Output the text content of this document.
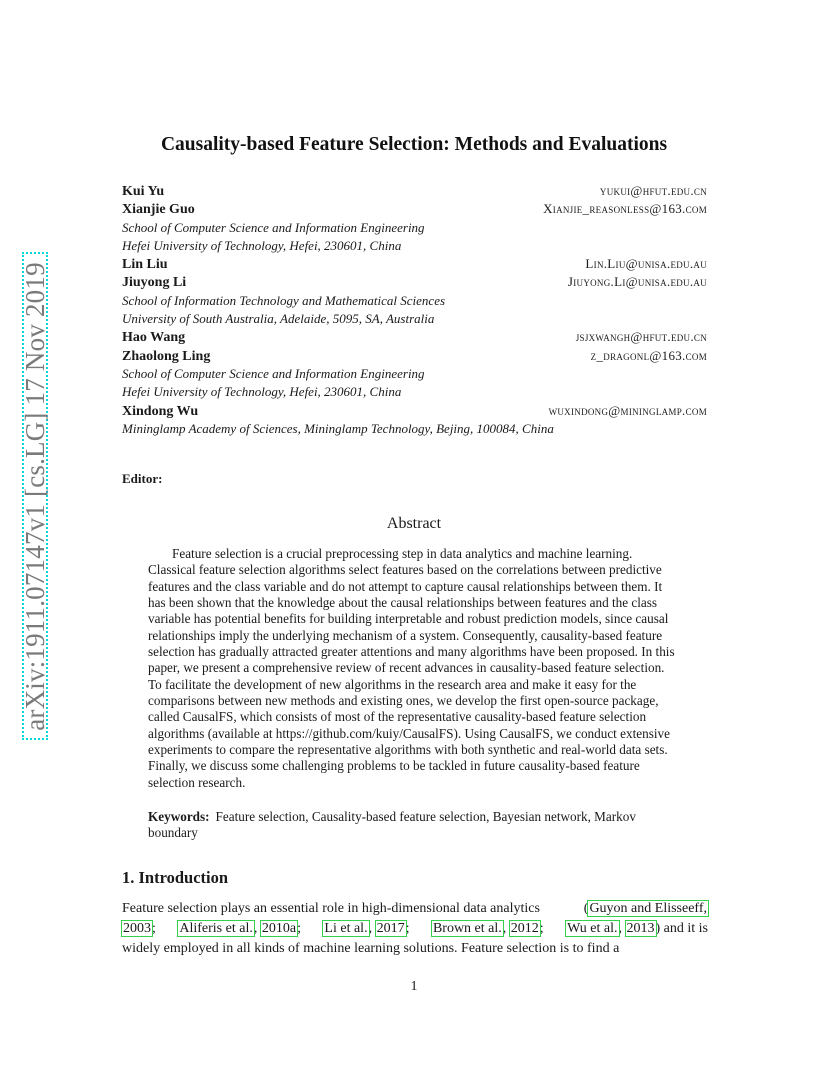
arXiv:1911.07147v1 [cs.LG] 17 Nov 2019
Causality-based Feature Selection: Methods and Evaluations
Kui Yu	yukui@hfut.edu.cn
Xianjie Guo	Xianjie_reasonless@163.com
School of Computer Science and Information Engineering
Hefei University of Technology, Hefei, 230601, China
Lin Liu	Lin.Liu@unisa.edu.au
Jiuyong Li	Jiuyong.Li@unisa.edu.au
School of Information Technology and Mathematical Sciences
University of South Australia, Adelaide, 5095, SA, Australia
Hao Wang	jsjxwangh@hfut.edu.cn
Zhaolong Ling	z_dragonl@163.com
School of Computer Science and Information Engineering
Hefei University of Technology, Hefei, 230601, China
Xindong Wu	wuxindong@mininglamp.com
Mininglamp Academy of Sciences, Mininglamp Technology, Bejing, 100084, China
Editor:
Abstract

Feature selection is a crucial preprocessing step in data analytics and machine learning. Classical feature selection algorithms select features based on the correlations between predictive features and the class variable and do not attempt to capture causal relationships between them. It has been shown that the knowledge about the causal relationships between features and the class variable has potential benefits for building interpretable and robust prediction models, since causal relationships imply the underlying mechanism of a system. Consequently, causality-based feature selection has gradually attracted greater attentions and many algorithms have been proposed. In this paper, we present a comprehensive review of recent advances in causality-based feature selection. To facilitate the development of new algorithms in the research area and make it easy for the comparisons between new methods and existing ones, we develop the first open-source package, called CausalFS, which consists of most of the representative causality-based feature selection algorithms (available at https://github.com/kuiy/CausalFS). Using CausalFS, we conduct extensive experiments to compare the representative algorithms with both synthetic and real-world data sets. Finally, we discuss some challenging problems to be tackled in future causality-based feature selection research.

Keywords: Feature selection, Causality-based feature selection, Bayesian network, Markov boundary
1. Introduction
Feature selection plays an essential role in high-dimensional data analytics	(Guyon and Elisseeff,
2003; Aliferis et al., 2010a; Li et al., 2017; Brown et al., 2012; Wu et al., 2013) and it is
widely employed in all kinds of machine learning solutions. Feature selection is to find a
1
